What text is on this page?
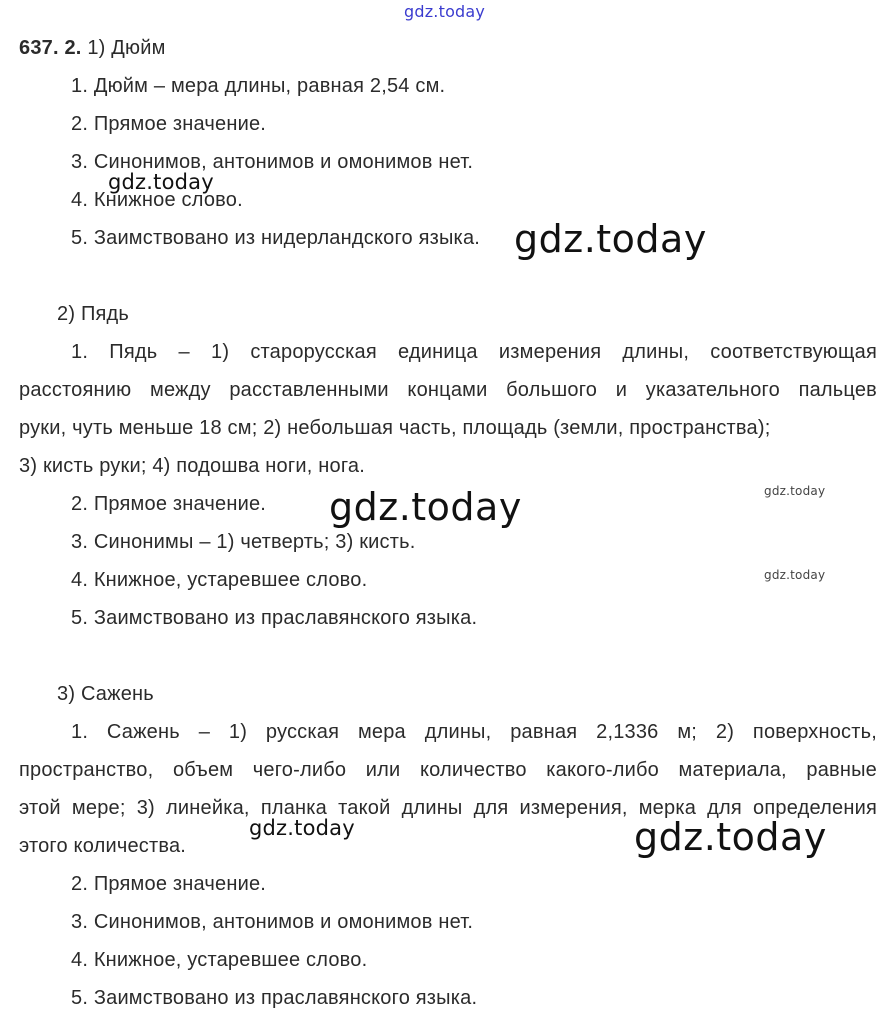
gdz.today
gdz.today
gdz.today
gdz.today	gdz.today
gdz.today
gdz.today	gdz.today
637. 2. 1) Дюйм
1. Дюйм – мера длины, равная 2,54 см.
2. Прямое значение.
3. Синонимов, антонимов и омонимов нет.
4. Книжное слово.
5. Заимствовано из нидерландского языка.
2) Пядь
1. Пядь – 1) старорусская единица измерения длины, соответствующая
расстоянию между расставленными концами большого и указательного пальцев
руки, чуть меньше 18 см; 2) небольшая часть, площадь (земли, пространства);
3) кисть руки; 4) подошва ноги, нога.
2. Прямое значение.
3. Синонимы – 1) четверть; 3) кисть.
4. Книжное, устаревшее слово.
5. Заимствовано из праславянского языка.
3) Сажень
1. Сажень – 1) русская мера длины, равная 2,1336 м; 2) поверхность,
пространство, объем чего-либо или количество какого-либо материала, равные
этой мере; 3) линейка, планка такой длины для измерения, мерка для определения
этого количества.
2. Прямое значение.
3. Синонимов, антонимов и омонимов нет.
4. Книжное, устаревшее слово.
5. Заимствовано из праславянского языка.
